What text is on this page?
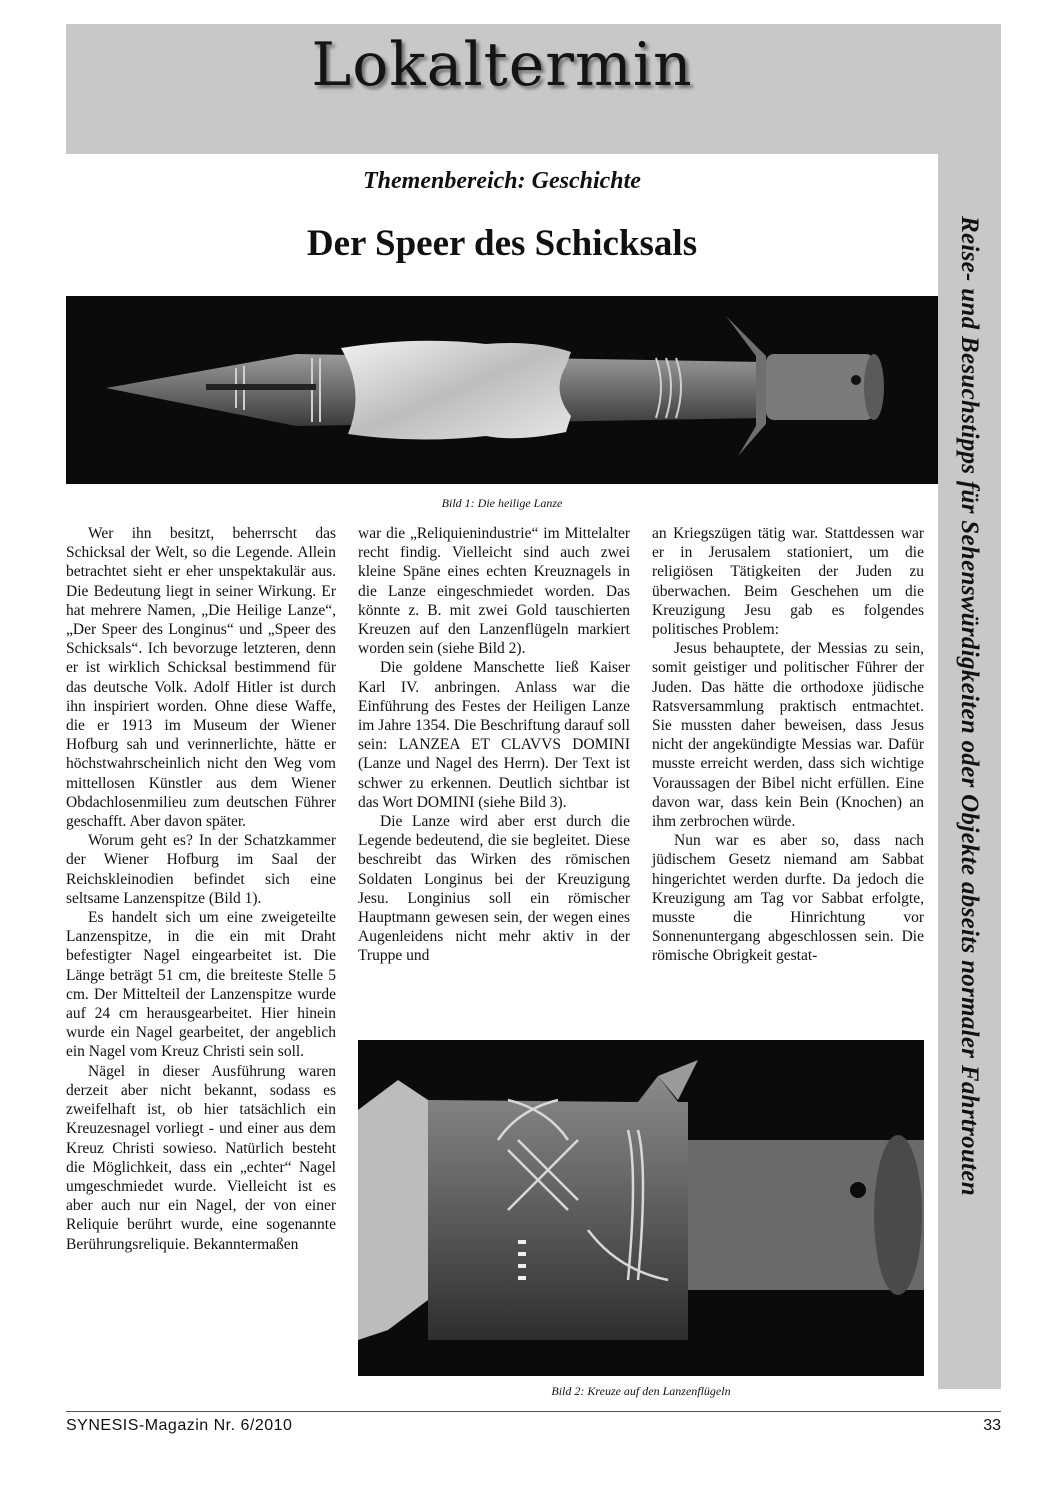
Lokaltermin
Reise- und Besuchstipps für Sehenswürdigkeiten oder Objekte abseits normaler Fahrtrouten
Themenbereich: Geschichte
Der Speer des Schicksals
Bild 1: Die heilige Lanze

Wer ihn besitzt, beherrscht das Schicksal der Welt, so die Legende. Allein betrachtet sieht er eher unspektakulär aus. Die Bedeutung liegt in seiner Wirkung. Er hat mehrere Namen, „Die Heilige Lanze“, „Der Speer des Longinus“ und „Speer des Schicksals“. Ich bevorzuge letzteren, denn er ist wirklich Schicksal bestimmend für das deutsche Volk. Adolf Hitler ist durch ihn inspiriert worden. Ohne diese Waffe, die er 1913 im Museum der Wiener Hofburg sah und verinnerlichte, hätte er höchstwahrscheinlich nicht den Weg vom mittellosen Künstler aus dem Wiener Obdachlosenmilieu zum deutschen Führer geschafft. Aber davon später.

Worum geht es? In der Schatzkammer der Wiener Hofburg im Saal der Reichskleinodien befindet sich eine seltsame Lanzenspitze (Bild 1).

Es handelt sich um eine zweigeteilte Lanzenspitze, in die ein mit Draht befestigter Nagel eingearbeitet ist. Die Länge beträgt 51 cm, die breiteste Stelle 5 cm. Der Mittelteil der Lanzenspitze wurde auf 24 cm herausgearbeitet. Hier hinein wurde ein Nagel gearbeitet, der angeblich ein Nagel vom Kreuz Christi sein soll.

Nägel in dieser Ausführung waren derzeit aber nicht bekannt, sodass es zweifelhaft ist, ob hier tatsächlich ein Kreuzesnagel vorliegt - und einer aus dem Kreuz Christi sowieso. Natürlich besteht die Möglichkeit, dass ein „echter“ Nagel umgeschmiedet wurde. Vielleicht ist es aber auch nur ein Nagel, der von einer Reliquie berührt wurde, eine sogenannte Berührungsreliquie. Bekanntermaßen

war die „Reliquienindustrie“ im Mittelalter recht findig. Vielleicht sind auch zwei kleine Späne eines echten Kreuznagels in die Lanze eingeschmiedet worden. Das könnte z. B. mit zwei Gold tauschierten Kreuzen auf den Lanzenflügeln markiert worden sein (siehe Bild 2).

Die goldene Manschette ließ Kaiser Karl IV. anbringen. Anlass war die Einführung des Festes der Heiligen Lanze im Jahre 1354. Die Beschriftung darauf soll sein: LANZEA ET CLAVVS DOMINI (Lanze und Nagel des Herrn). Der Text ist schwer zu erkennen. Deutlich sichtbar ist das Wort DOMINI (siehe Bild 3).

Die Lanze wird aber erst durch die Legende bedeutend, die sie begleitet. Diese beschreibt das Wirken des römischen Soldaten Longinus bei der Kreuzigung Jesu. Longinius soll ein römischer Hauptmann gewesen sein, der wegen eines Augenleidens nicht mehr aktiv in der Truppe und

an Kriegszügen tätig war. Stattdessen war er in Jerusalem stationiert, um die religiösen Tätigkeiten der Juden zu überwachen. Beim Geschehen um die Kreuzigung Jesu gab es folgendes politisches Problem:

Jesus behauptete, der Messias zu sein, somit geistiger und politischer Führer der Juden. Das hätte die orthodoxe jüdische Ratsversammlung praktisch entmachtet. Sie mussten daher beweisen, dass Jesus nicht der angekündigte Messias war. Dafür musste erreicht werden, dass sich wichtige Voraussagen der Bibel nicht erfüllen. Eine davon war, dass kein Bein (Knochen) an ihm zerbrochen würde.

Nun war es aber so, dass nach jüdischem Gesetz niemand am Sabbat hingerichtet werden durfte. Da jedoch die Kreuzigung am Tag vor Sabbat erfolgte, musste die Hinrichtung vor Sonnenuntergang abgeschlossen sein. Die römische Obrigkeit gestat-

Bild 2: Kreuze auf den Lanzenflügeln
SYNESIS-Magazin Nr. 6/2010	33
